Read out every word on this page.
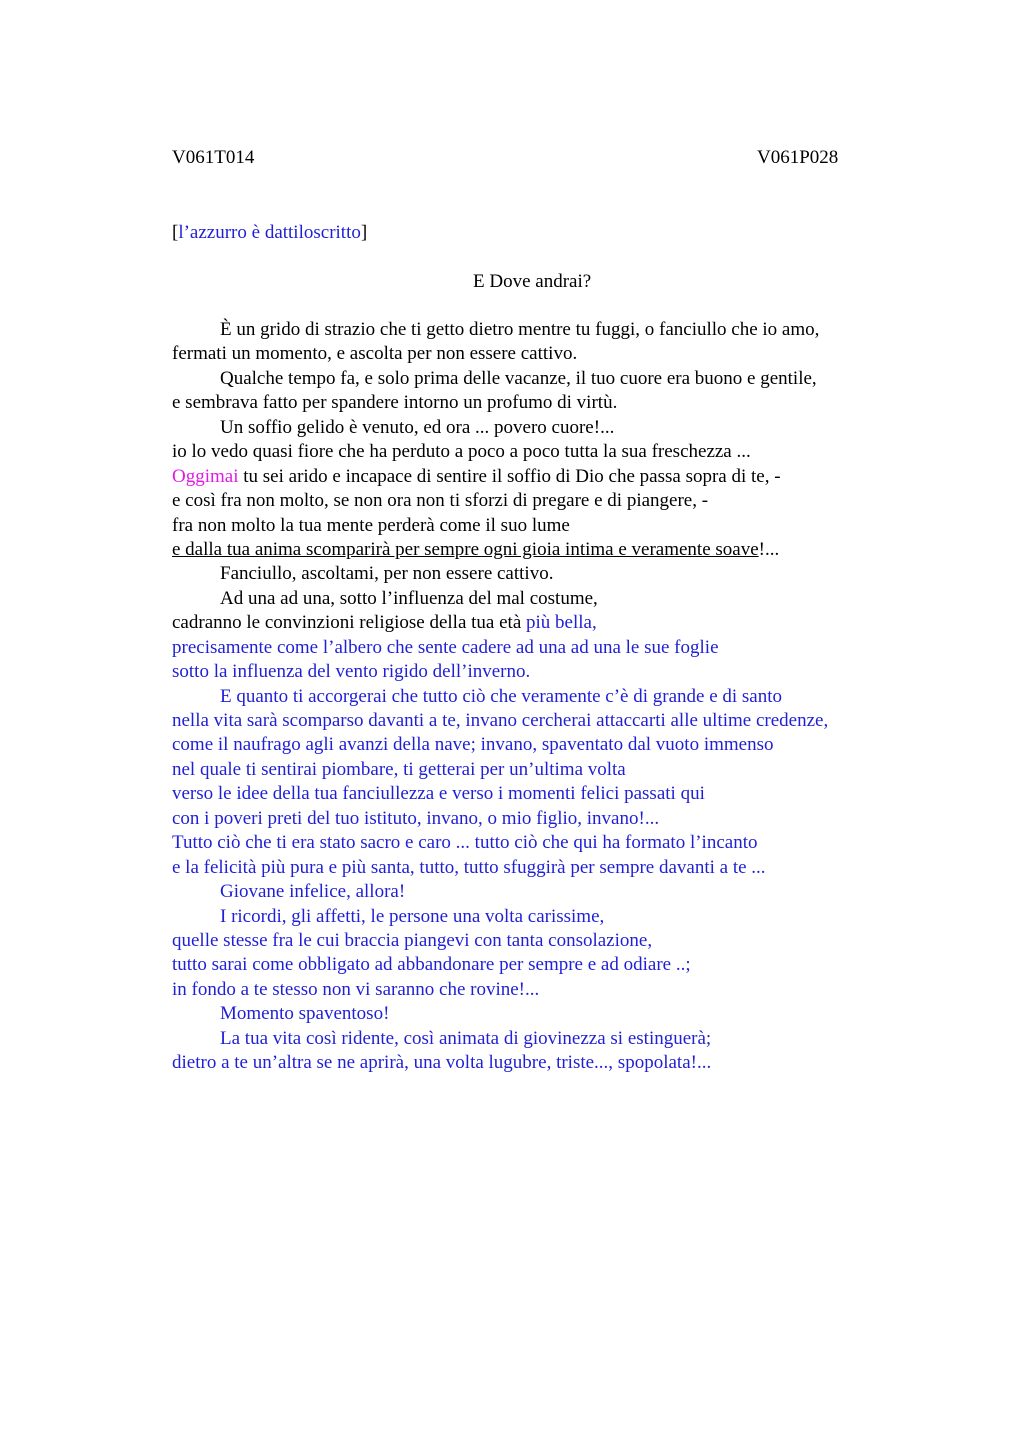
V061T014	V061P028
[l’azzurro è dattiloscritto]
E Dove andrai?
È un grido di strazio che ti getto dietro mentre tu fuggi, o fanciullo che io amo,
fermati un momento, e ascolta per non essere cattivo.
Qualche tempo fa, e solo prima delle vacanze, il tuo cuore era buono e gentile,
e sembrava fatto per spandere intorno un profumo di virtù.
Un soffio gelido è venuto, ed ora ... povero cuore!...
io lo vedo quasi fiore che ha perduto a poco a poco tutta la sua freschezza ...
Oggimai tu sei arido e incapace di sentire il soffio di Dio che passa sopra di te, -
e così fra non molto, se non ora non ti sforzi di pregare e di piangere, -
fra non molto la tua mente perderà come il suo lume
e dalla tua anima scomparirà per sempre ogni gioia intima e veramente soave!...
Fanciullo, ascoltami, per non essere cattivo.
Ad una ad una, sotto l’influenza del mal costume,
cadranno le convinzioni religiose della tua età più bella,
precisamente come l’albero che sente cadere ad una ad una le sue foglie
sotto la influenza del vento rigido dell’inverno.
E quanto ti accorgerai che tutto ciò che veramente c’è di grande e di santo
nella vita sarà scomparso davanti a te, invano cercherai attaccarti alle ultime credenze,
come il naufrago agli avanzi della nave; invano, spaventato dal vuoto immenso
nel quale ti sentirai piombare, ti getterai per un’ultima volta
verso le idee della tua fanciullezza e verso i momenti felici passati qui
con i poveri preti del tuo istituto, invano, o mio figlio, invano!...
Tutto ciò che ti era stato sacro e caro ... tutto ciò che qui ha formato l’incanto
e la felicità più pura e più santa, tutto, tutto sfuggirà per sempre davanti a te ...
Giovane infelice, allora!
I ricordi, gli affetti, le persone una volta carissime,
quelle stesse fra le cui braccia piangevi con tanta consolazione,
tutto sarai come obbligato ad abbandonare per sempre e ad odiare ..;
in fondo a te stesso non vi saranno che rovine!...
Momento spaventoso!
La tua vita così ridente, così animata di giovinezza si estinguerà;
dietro a te un’altra se ne aprirà, una volta lugubre, triste..., spopolata!...
